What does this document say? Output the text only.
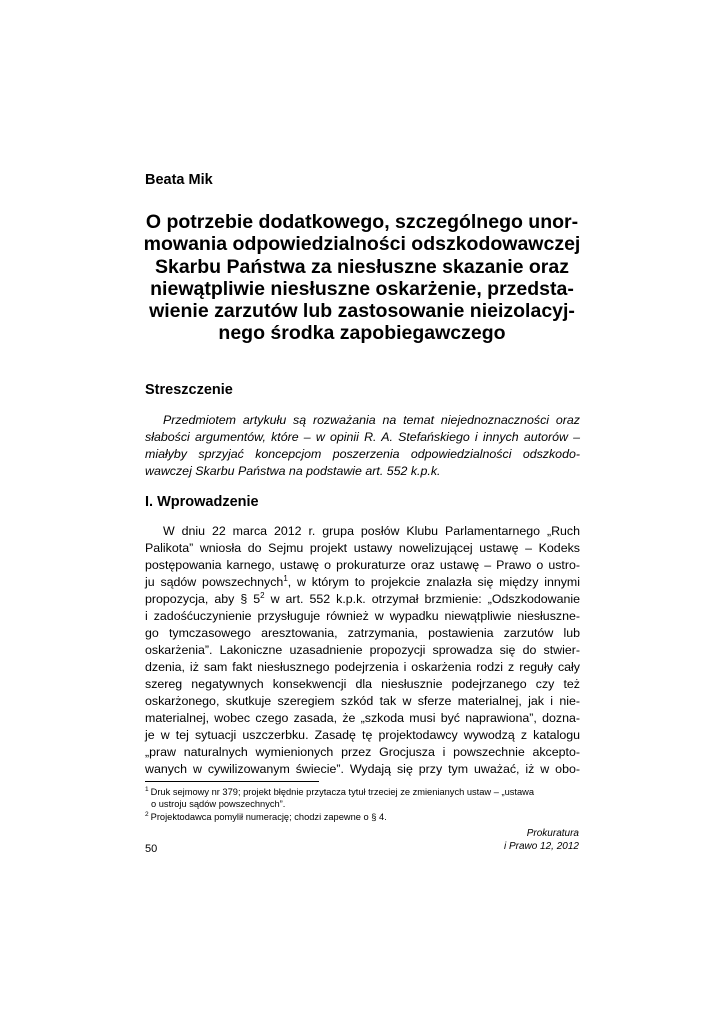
Beata Mik
O potrzebie dodatkowego, szczególnego unor-
mowania odpowiedzialności odszkodowawczej
Skarbu Państwa za niesłuszne skazanie oraz
niewątpliwie niesłuszne oskarżenie, przedsta-
wienie zarzutów lub zastosowanie nieizolacyj-
nego środka zapobiegawczego
Streszczenie
Przedmiotem artykułu są rozważania na temat niejednoznaczności oraz
słabości argumentów, które – w opinii R. A. Stefańskiego i innych autorów –
miałyby sprzyjać koncepcjom poszerzenia odpowiedzialności odszkodo-
wawczej Skarbu Państwa na podstawie art. 552 k.p.k.
I. Wprowadzenie
W dniu 22 marca 2012 r. grupa posłów Klubu Parlamentarnego „Ruch
Palikota” wniosła do Sejmu projekt ustawy nowelizującej ustawę – Kodeks
postępowania karnego, ustawę o prokuraturze oraz ustawę – Prawo o ustro-
ju sądów powszechnych$^1$, w którym to projekcie znalazła się między innymi
propozycja, aby § $5^2$ w art. 552 k.p.k. otrzymał brzmienie: „Odszkodowanie
i zadośćuczynienie przysługuje również w wypadku niewątpliwie niesłuszne-
go tymczasowego aresztowania, zatrzymania, postawienia zarzutów lub
oskarżenia”. Lakoniczne uzasadnienie propozycji sprowadza się do stwier-
dzenia, iż sam fakt niesłusznego podejrzenia i oskarżenia rodzi z reguły cały
szereg negatywnych konsekwencji dla niesłusznie podejrzanego czy też
oskarżonego, skutkuje szeregiem szkód tak w sferze materialnej, jak i nie-
materialnej, wobec czego zasada, że „szkoda musi być naprawiona”, dozna-
je w tej sytuacji uszczerbku. Zasadę tę projektodawcy wywodzą z katalogu
„praw naturalnych wymienionych przez Grocjusza i powszechnie akcepto-
wanych w cywilizowanym świecie”. Wydają się przy tym uważać, iż w obo-
$^1$ Druk sejmowy nr 379; projekt błędnie przytacza tytuł trzeciej ze zmienianych ustaw – „ustawa
o ustroju sądów powszechnych”.
$^2$ Projektodawca pomylił numerację; chodzi zapewne o § 4.
Prokuratura
i Prawo 12, 2012
50
